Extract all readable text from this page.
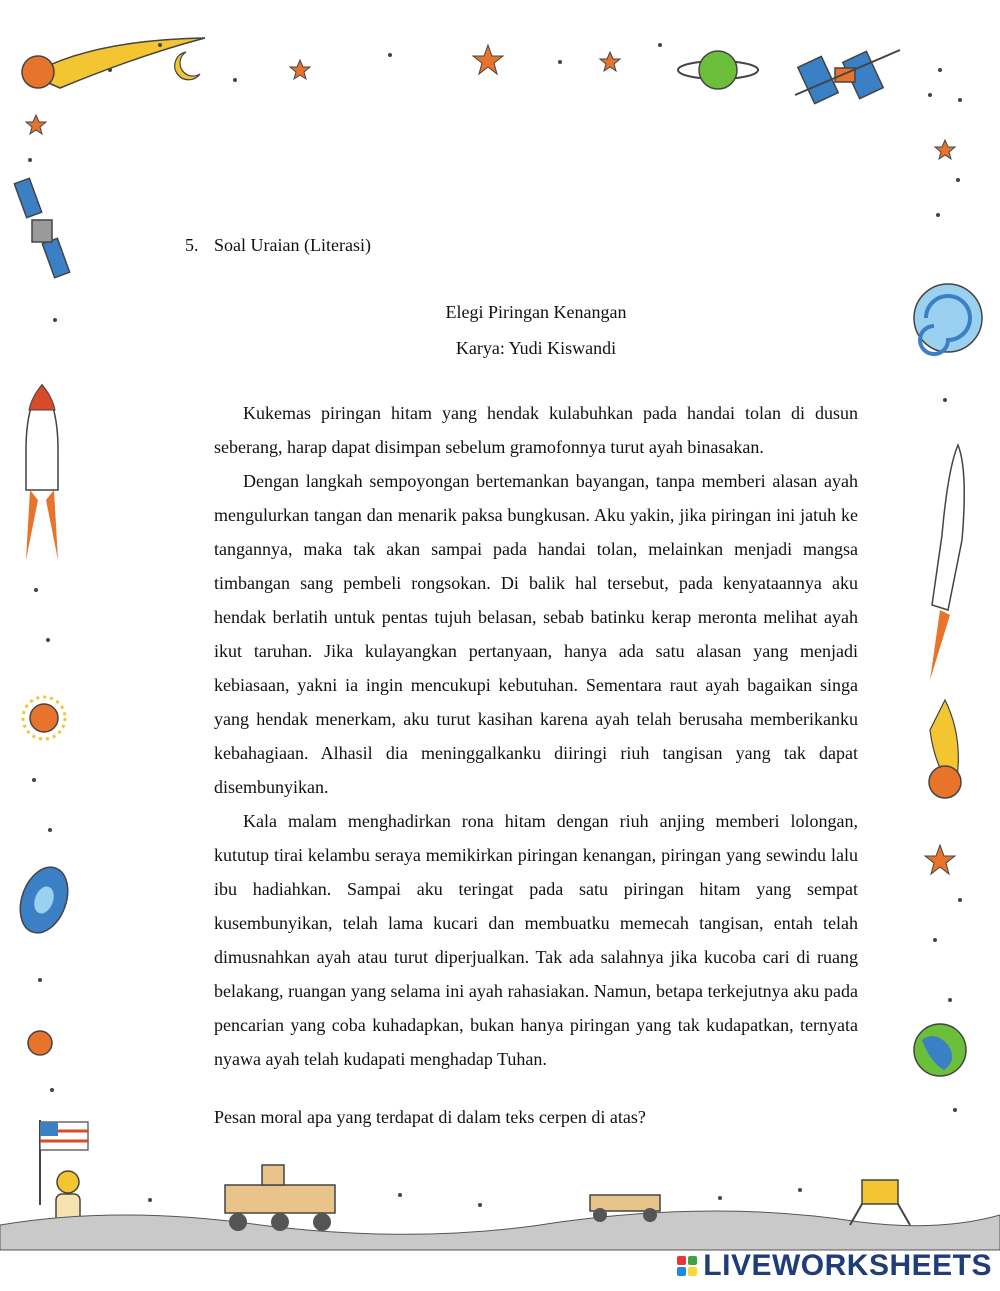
5. Soal Uraian (Literasi)
Elegi Piringan Kenangan
Karya: Yudi Kiswandi

Kukemas piringan hitam yang hendak kulabuhkan pada handai tolan di dusun seberang, harap dapat disimpan sebelum gramofonnya turut ayah binasakan.

Dengan langkah sempoyongan bertemankan bayangan, tanpa memberi alasan ayah mengulurkan tangan dan menarik paksa bungkusan. Aku yakin, jika piringan ini jatuh ke tangannya, maka tak akan sampai pada handai tolan, melainkan menjadi mangsa timbangan sang pembeli rongsokan. Di balik hal tersebut, pada kenyataannya aku hendak berlatih untuk pentas tujuh belasan, sebab batinku kerap meronta melihat ayah ikut taruhan. Jika kulayangkan pertanyaan, hanya ada satu alasan yang menjadi kebiasaan, yakni ia ingin mencukupi kebutuhan. Sementara raut ayah bagaikan singa yang hendak menerkam, aku turut kasihan karena ayah telah berusaha memberikanku kebahagiaan. Alhasil dia meninggalkanku diiringi riuh tangisan yang tak dapat disembunyikan.

Kala malam menghadirkan rona hitam dengan riuh anjing memberi lolongan, kututup tirai kelambu seraya memikirkan piringan kenangan, piringan yang sewindu lalu ibu hadiahkan. Sampai aku teringat pada satu piringan hitam yang sempat kusembunyikan, telah lama kucari dan membuatku memecah tangisan, entah telah dimusnahkan ayah atau turut diperjualkan. Tak ada salahnya jika kucoba cari di ruang belakang, ruangan yang selama ini ayah rahasiakan. Namun, betapa terkejutnya aku pada pencarian yang coba kuhadapkan, bukan hanya piringan yang tak kudapatkan, ternyata nyawa ayah telah kudapati menghadap Tuhan.

Pesan moral apa yang terdapat di dalam teks cerpen di atas?
LIVEWORKSHEETS
